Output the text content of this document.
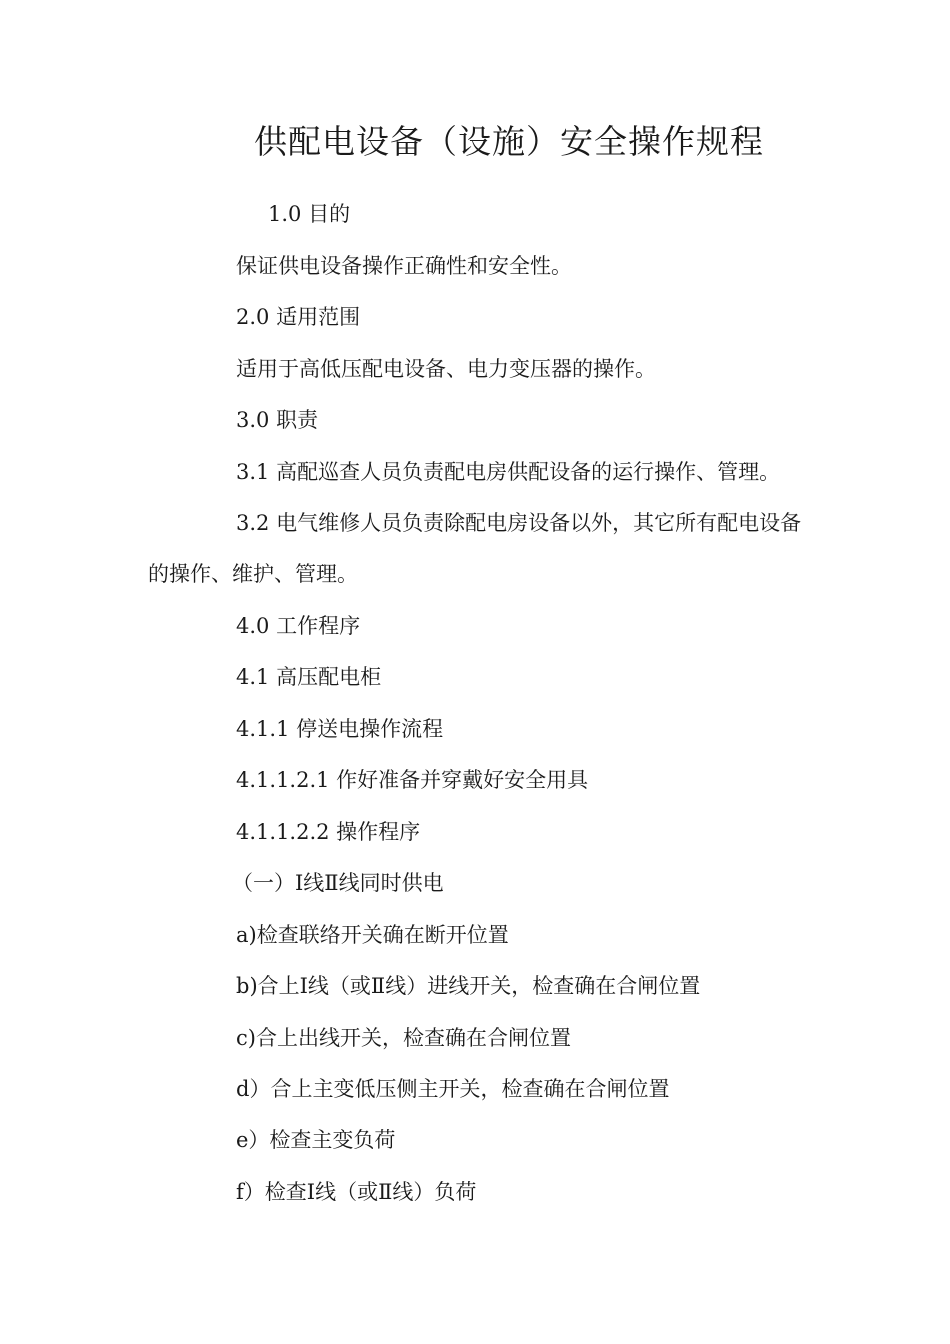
供配电设备（设施）安全操作规程

1.0 目的

保证供电设备操作正确性和安全性。

2.0 适用范围

适用于高低压配电设备、电力变压器的操作。

3.0 职责

3.1 高配巡查人员负责配电房供配设备的运行操作、管理。

3.2 电气维修人员负责除配电房设备以外，其它所有配电设备的操作、维护、管理。

4.0 工作程序

4.1 高压配电柜

4.1.1 停送电操作流程

4.1.1.2.1 作好准备并穿戴好安全用具

4.1.1.2.2 操作程序

（一）Ⅰ线Ⅱ线同时供电

a)检查联络开关确在断开位置

b)合上Ⅰ线（或Ⅱ线）进线开关，检查确在合闸位置

c)合上出线开关，检查确在合闸位置

d）合上主变低压侧主开关，检查确在合闸位置

e）检查主变负荷

f）检查Ⅰ线（或Ⅱ线）负荷
